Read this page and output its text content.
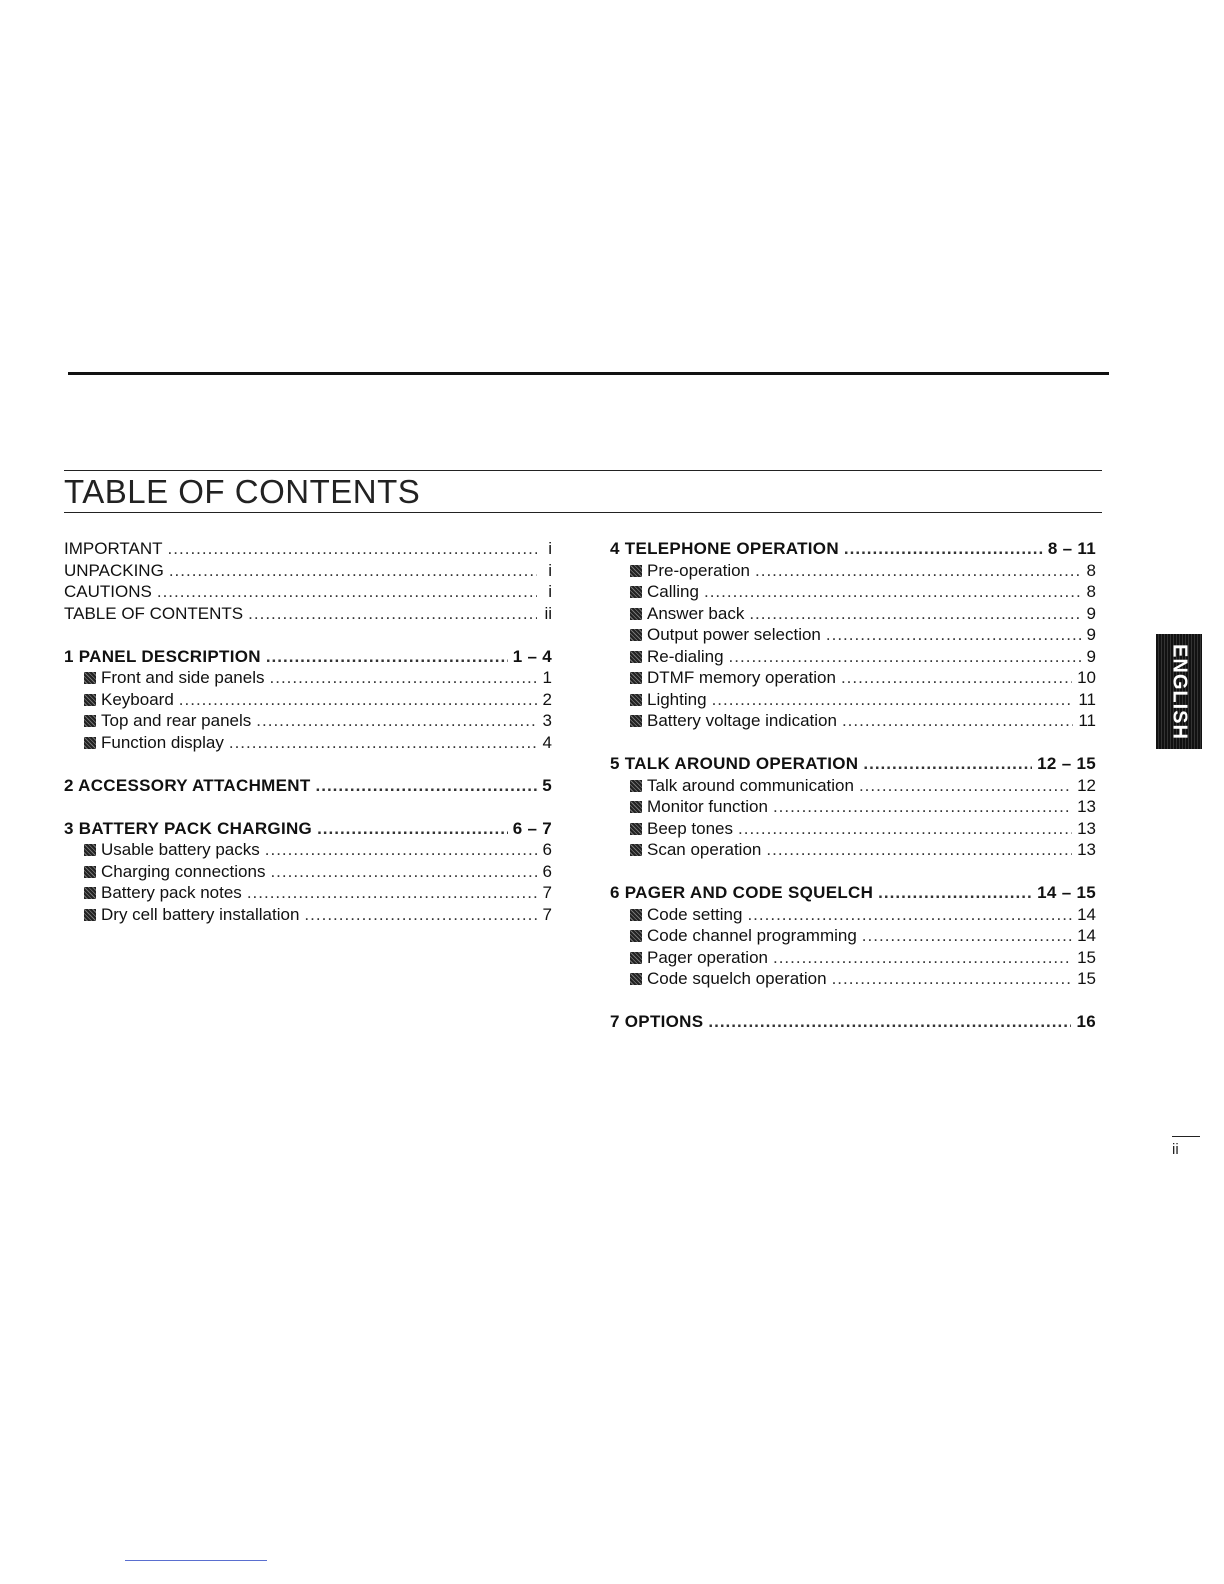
TABLE OF CONTENTS
IMPORTANT .....	i
UNPACKING .....	i
CAUTIONS .....	i
TABLE OF CONTENTS .....	ii
1 PANEL DESCRIPTION .....	1 – 4
Front and side panels .....	1
Keyboard .....	2
Top and rear panels .....	3
Function display .....	4
2 ACCESSORY ATTACHMENT .....	5
3 BATTERY PACK CHARGING .....	6 – 7
Usable battery packs .....	6
Charging connections .....	6
Battery pack notes .....	7
Dry cell battery installation .....	7
4 TELEPHONE OPERATION .....	8 – 11
Pre-operation .....	8
Calling .....	8
Answer back .....	9
Output power selection .....	9
Re-dialing .....	9
DTMF memory operation .....	10
Lighting .....	11
Battery voltage indication .....	11
5 TALK AROUND OPERATION .....	12 – 15
Talk around communication .....	12
Monitor function .....	13
Beep tones .....	13
Scan operation .....	13
6 PAGER AND CODE SQUELCH .....	14 – 15
Code setting .....	14
Code channel programming .....	14
Pager operation .....	15
Code squelch operation .....	15
7 OPTIONS .....	16
ENGLISH
ii
